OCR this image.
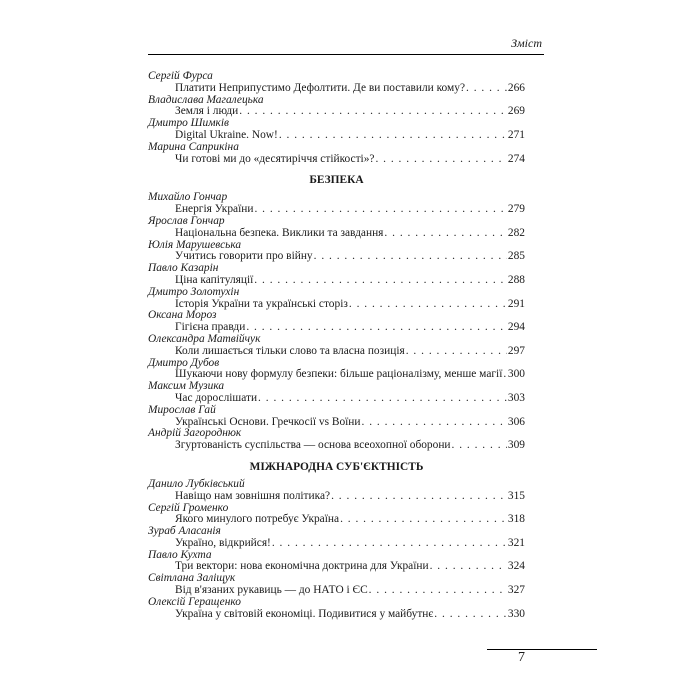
Зміст
Сергій Фурса
Платити Неприпустимо Дефолтити. Де ви поставили кому? . . .	266
Владислава Магалецька
Земля і люди . . .	269
Дмитро Шимків
Digital Ukraine. Now! . . .	271
Марина Саприкіна
Чи готові ми до «десятиріччя стійкості»? . . .	274
БЕЗПЕКА
Михайло Гончар
Енергія України . . .	279
Ярослав Гончар
Національна безпека. Виклики та завдання . . .	282
Юлія Марушевська
Учитись говорити про війну . . .	285
Павло Казарін
Ціна капітуляції . . .	288
Дмитро Золотухін
Історія України та українські сторіз . . .	291
Оксана Мороз
Гігієна правди . . .	294
Олександра Матвійчук
Коли лишається тільки слово та власна позиція . . .	297
Дмитро Дубов
Шукаючи нову формулу безпеки: більше раціоналізму, менше магії . . . 300
Максим Музика
Час дорослішати . . .	303
Мирослав Гай
Українські Основи. Гречкосії vs Воїни . . .	306
Андрій Загороднюк
Згуртованість суспільства — основа всеохопної оборони . . .	309
МІЖНАРОДНА СУБ'ЄКТНІСТЬ
Данило Лубківський
Навіщо нам зовнішня політика? . . .	315
Сергій Громенко
Якого минулого потребує Україна . . .	318
Зураб Аласанія
Україно, відкрийся! . . .	321
Павло Кухта
Три вектори: нова економічна доктрина для України . . .	324
Світлана Заліщук
Від в'язаних рукавиць — до НАТО і ЄС . . .	327
Олексій Геращенко
Україна у світовій економіці. Подивитися у майбутнє . . .	330
7
